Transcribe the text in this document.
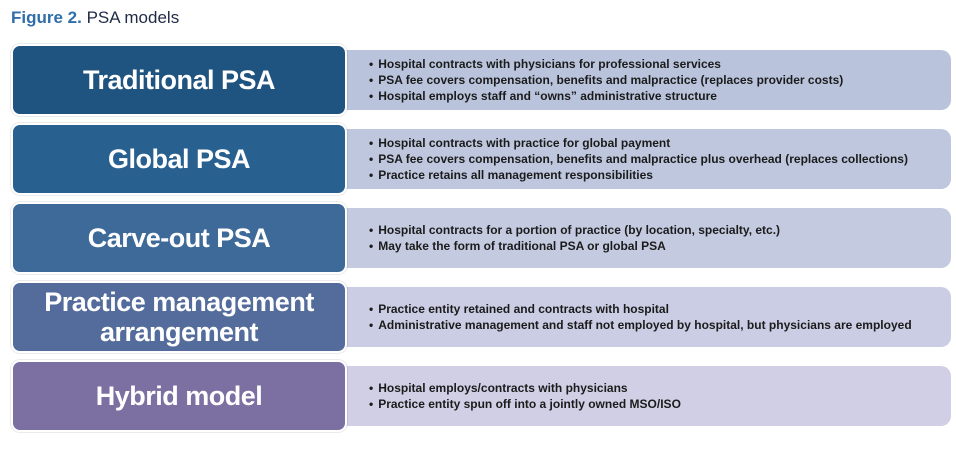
Figure 2. PSA models
• Hospital contracts with physicians for professional services
• PSA fee covers compensation, benefits and malpractice (replaces provider costs)
• Hospital employs staff and “owns” administrative structure
Traditional PSA
• Hospital contracts with practice for global payment
• PSA fee covers compensation, benefits and malpractice plus overhead (replaces collections)
• Practice retains all management responsibilities
Global PSA
• Hospital contracts for a portion of practice (by location, specialty, etc.)
• May take the form of traditional PSA or global PSA
Carve-out PSA
• Practice entity retained and contracts with hospital
• Administrative management and staff not employed by hospital, but physicians are employed
Practice management arrangement
• Hospital employs/contracts with physicians
• Practice entity spun off into a jointly owned MSO/ISO
Hybrid model
